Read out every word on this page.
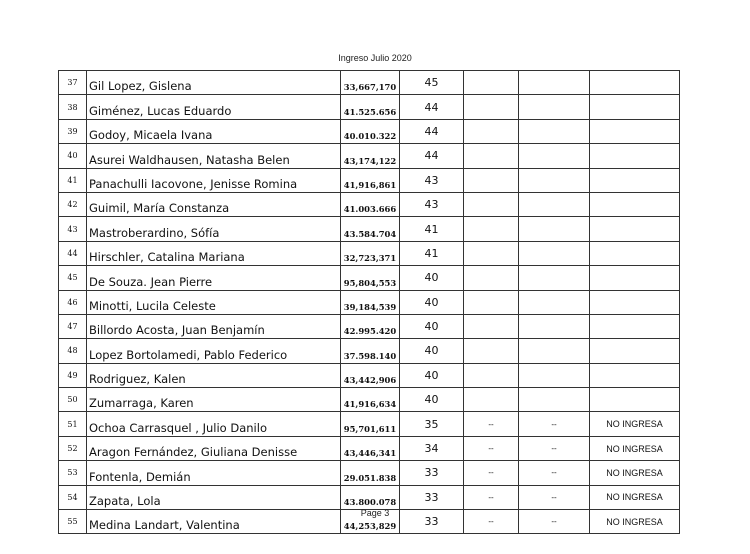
Ingreso Julio 2020
37	Gil Lopez, Gislena	33,667,170	45			
38	Giménez, Lucas Eduardo	41.525.656	44			
39	Godoy, Micaela Ivana	40.010.322	44			
40	Asurei Waldhausen, Natasha Belen	43,174,122	44			
41	Panachulli Iacovone, Jenisse Romina	41,916,861	43			
42	Guimil, María Constanza	41.003.666	43			
43	Mastroberardino, Sófía	43.584.704	41			
44	Hirschler, Catalina Mariana	32,723,371	41			
45	De Souza. Jean Pierre	95,804,553	40			
46	Minotti, Lucila Celeste	39,184,539	40			
47	Billordo Acosta, Juan Benjamín	42.995.420	40			
48	Lopez Bortolamedi, Pablo Federico	37.598.140	40			
49	Rodriguez, Kalen	43,442,906	40			
50	Zumarraga, Karen	41,916,634	40			
51	Ochoa Carrasquel , Julio Danilo	95,701,611	35	--	--	NO INGRESA
52	Aragon Fernández, Giuliana Denisse	43,446,341	34	--	--	NO INGRESA
53	Fontenla, Demián	29.051.838	33	--	--	NO INGRESA
54	Zapata, Lola	43.800.078	33	--	--	NO INGRESA
55	Medina Landart, Valentina	44,253,829	33	--	--	NO INGRESA
Page 3
